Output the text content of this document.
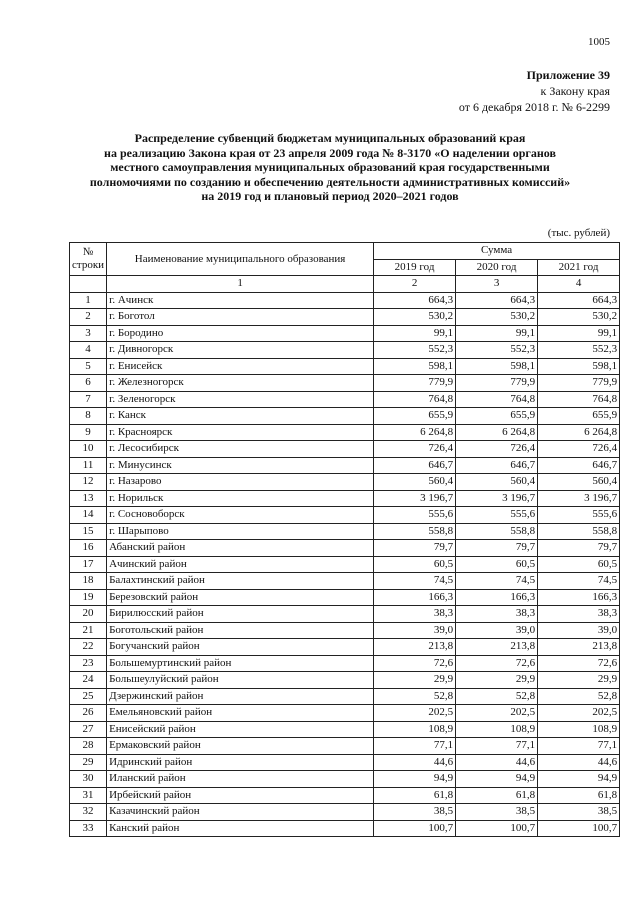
1005
Приложение 39
к Закону края
от 6 декабря 2018 г. № 6-2299
Распределение субвенций бюджетам муниципальных образований края
на реализацию Закона края от 23 апреля 2009 года № 8-3170 «О наделении органов
местного самоуправления муниципальных образований края государственными
полномочиями по созданию и обеспечению деятельности административных комиссий»
на 2019 год и плановый период 2020–2021 годов
(тыс. рублей)
№ строки	Наименование муниципального образования	Сумма		
		2019 год	2020 год	2021 год
	1	2	3	4
1	г. Ачинск	664,3	664,3	664,3
2	г. Боготол	530,2	530,2	530,2
3	г. Бородино	99,1	99,1	99,1
4	г. Дивногорск	552,3	552,3	552,3
5	г. Енисейск	598,1	598,1	598,1
6	г. Железногорск	779,9	779,9	779,9
7	г. Зеленогорск	764,8	764,8	764,8
8	г. Канск	655,9	655,9	655,9
9	г. Красноярск	6 264,8	6 264,8	6 264,8
10	г. Лесосибирск	726,4	726,4	726,4
11	г. Минусинск	646,7	646,7	646,7
12	г. Назарово	560,4	560,4	560,4
13	г. Норильск	3 196,7	3 196,7	3 196,7
14	г. Сосновоборск	555,6	555,6	555,6
15	г. Шарыпово	558,8	558,8	558,8
16	Абанский район	79,7	79,7	79,7
17	Ачинский район	60,5	60,5	60,5
18	Балахтинский район	74,5	74,5	74,5
19	Березовский район	166,3	166,3	166,3
20	Бирилюсский район	38,3	38,3	38,3
21	Боготольский район	39,0	39,0	39,0
22	Богучанский район	213,8	213,8	213,8
23	Большемуртинский район	72,6	72,6	72,6
24	Большеулуйский район	29,9	29,9	29,9
25	Дзержинский район	52,8	52,8	52,8
26	Емельяновский район	202,5	202,5	202,5
27	Енисейский район	108,9	108,9	108,9
28	Ермаковский район	77,1	77,1	77,1
29	Идринский район	44,6	44,6	44,6
30	Иланский район	94,9	94,9	94,9
31	Ирбейский район	61,8	61,8	61,8
32	Казачинский район	38,5	38,5	38,5
33	Канский район	100,7	100,7	100,7
